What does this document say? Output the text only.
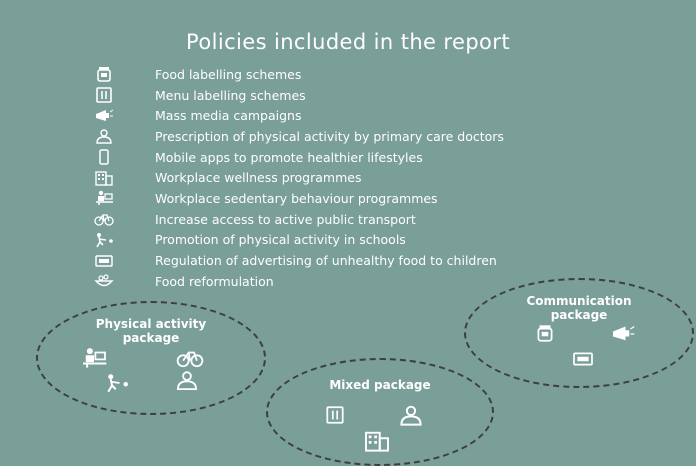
Policies included in the report
Food labelling schemes
Menu labelling schemes
Mass media campaigns
Prescription of physical activity by primary care doctors
Mobile apps to promote healthier lifestyles
Workplace wellness programmes
Workplace sedentary behaviour programmes
Increase access to active public transport
Promotion of physical activity in schools
Regulation of advertising of unhealthy food to children
Food reformulation
Physical activity package
Communication package
Mixed package
